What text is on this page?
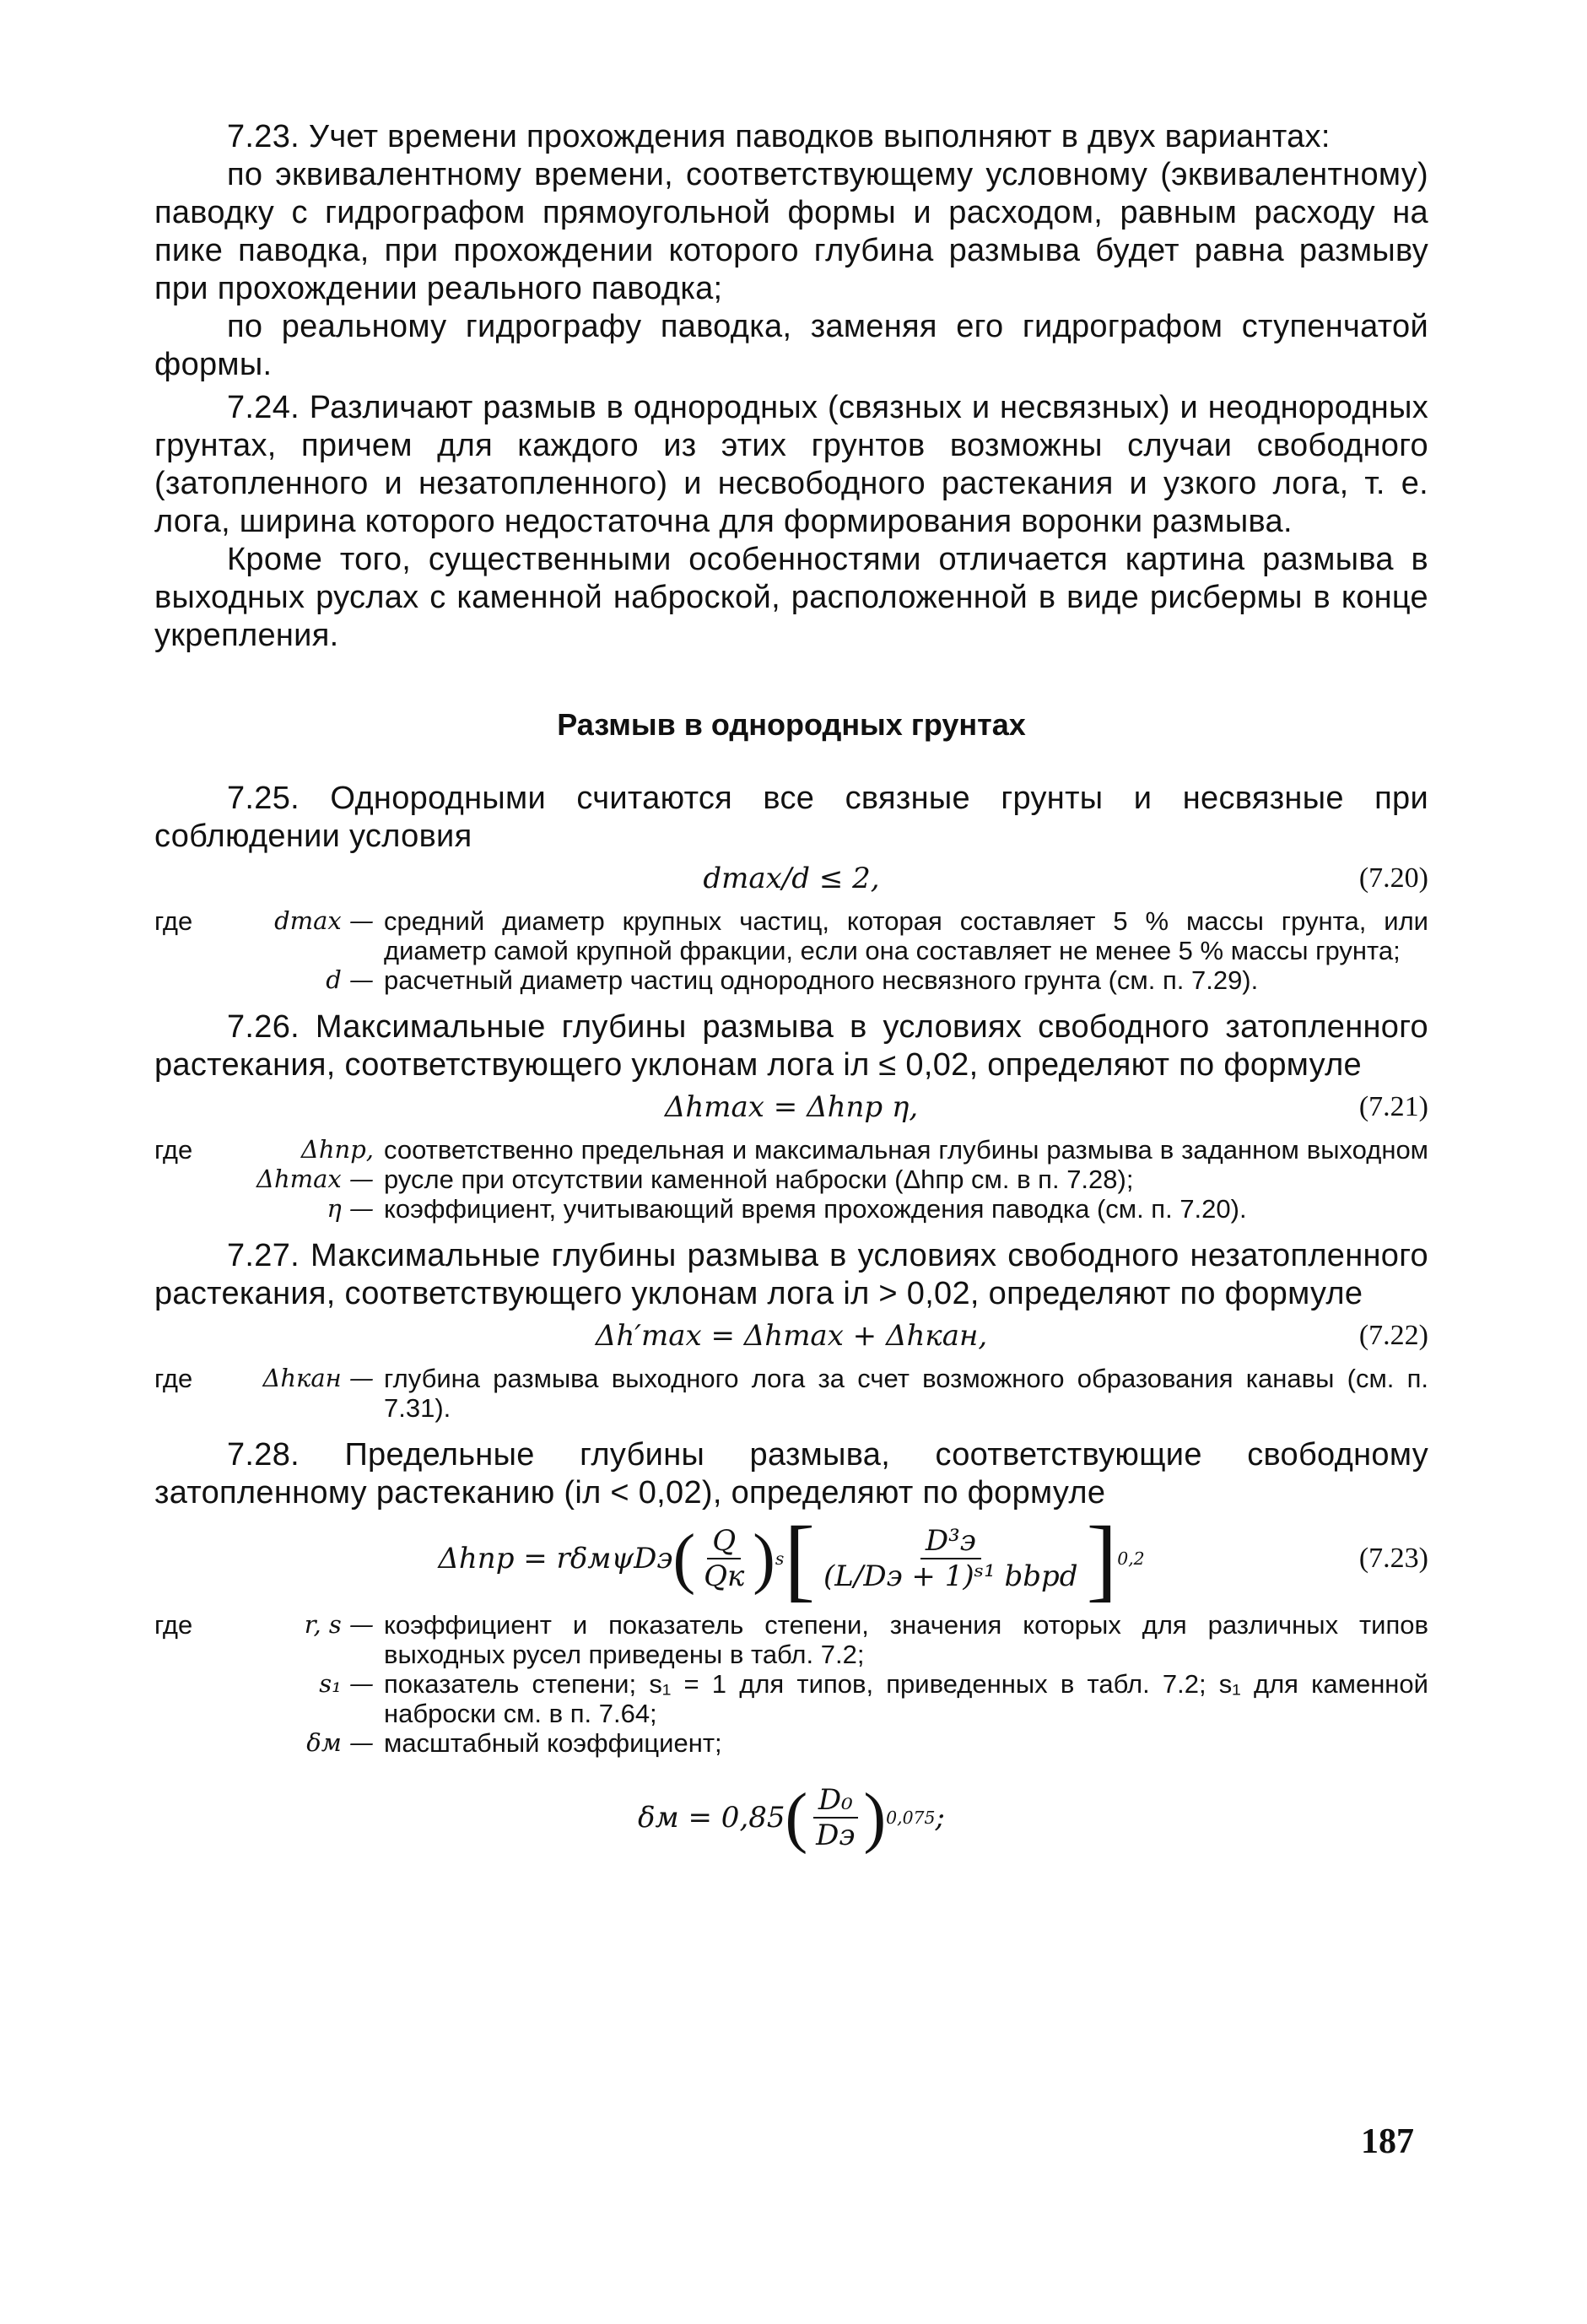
7.23. Учет времени прохождения паводков выполняют в двух вариантах:

по эквивалентному времени, соответствующему условному (эквивалентному) паводку с гидрографом прямоугольной формы и расходом, равным расходу на пике паводка, при прохождении которого глубина размыва будет равна размыву при прохождении реального паводка;

по реальному гидрографу паводка, заменяя его гидрографом ступенчатой формы.

7.24. Различают размыв в однородных (связных и несвязных) и неоднородных грунтах, причем для каждого из этих грунтов возможны случаи свободного (затопленного и незатопленного) и несвободного растекания и узкого лога, т. е. лога, ширина которого недостаточна для формирования воронки размыва.

Кроме того, существенными особенностями отличается картина размыва в выходных руслах с каменной наброской, расположенной в виде рисбермы в конце укрепления.

Размыв в однородных грунтах

7.25. Однородными считаются все связные грунты и несвязные при соблюдении условия

dmax/d ≤ 2,	(7.20)
где	dmax — средний диаметр крупных частиц, которая составляет 5 % массы грунта, или диаметр самой крупной фракции, если она составляет не менее 5 % массы грунта;
d — расчетный диаметр частиц однородного несвязного грунта (см. п. 7.29).

7.26. Максимальные глубины размыва в условиях свободного затопленного растекания, соответствующего уклонам лога iл ≤ 0,02, определяют по формуле

Δhmax = Δhпр η,	(7.21)
где	Δhпр, Δhmax —
соответственно предельная и максимальная глубины размыва в заданном выходном русле при отсутствии каменной наброски (Δhпр см. в п. 7.28);
η — коэффициент, учитывающий время прохождения паводка (см. п. 7.20).

7.27. Максимальные глубины размыва в условиях свободного незатопленного растекания, соответствующего уклонам лога iл > 0,02, определяют по формуле

Δh′max = Δhmax + Δhкан,	(7.22)
где	Δhкан — глубина размыва выходного лога за счет возможного образования канавы (см. п. 7.31).

7.28. Предельные глубины размыва, соответствующие свободному затопленному растеканию (iл < 0,02), определяют по формуле

Δhпр = rδмψDэ ( $\frac{Q}{Qк}$ ) s [ $\frac{\text{D³э}}{\text{(L/Dэ + 1)ˢ¹ bbрd}}$ ] 0,2	(7.23)
где	r, s — коэффициент и показатель степени, значения которых для различных типов выходных русел приведены в табл. 7.2;
s₁ — показатель степени; s₁ = 1 для типов, приведенных в табл. 7.2; s₁ для каменной наброски см. в п. 7.64;
δм — масштабный коэффициент;
δм = 0,85 ( $\frac{\text{D₀}}{Dэ}$ ) 0,075 ;
187
